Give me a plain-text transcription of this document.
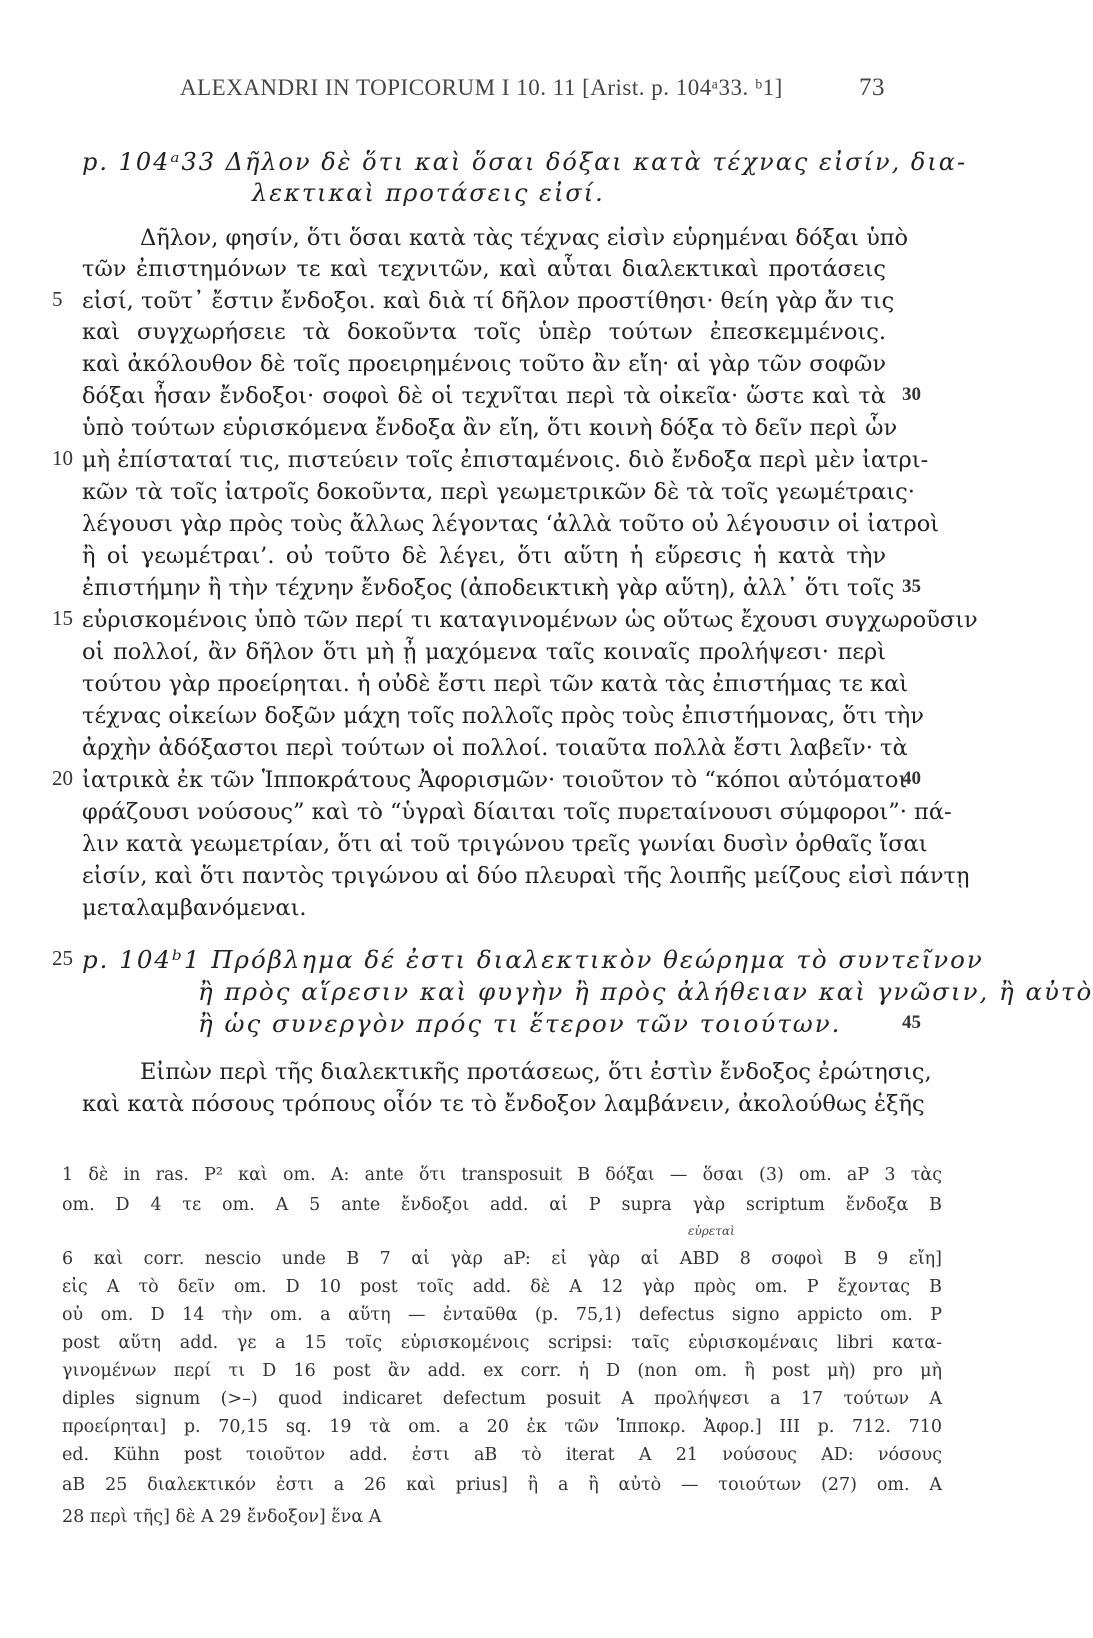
ALEXANDRI IN TOPICORUM I 10. 11 [Arist. p. 104ᵃ33. ᵇ1]	73
p. 104ᵃ33 Δῆλον δὲ ὅτι καὶ ὅσαι δόξαι κατὰ τέχνας εἰσίν, δια-
λεκτικαὶ προτάσεις εἰσί.
Δῆλον, φησίν, ὅτι ὅσαι κατὰ τὰς τέχνας εἰσὶν εὑρημέναι δόξαι ὑπὸ
τῶν ἐπιστημόνων τε καὶ τεχνιτῶν, καὶ αὗται διαλεκτικαὶ προτάσεις
5 εἰσί, τοῦτ᾿ ἔστιν ἔνδοξοι. καὶ διὰ τί δῆλον προστίθησι· θείη γὰρ ἄν τις
καὶ συγχωρήσειε τὰ δοκοῦντα τοῖς ὑπὲρ τούτων ἐπεσκεμμένοις.
καὶ ἀκόλουθον δὲ τοῖς προειρημένοις τοῦτο ἂν εἴη· αἱ γὰρ τῶν σοφῶν
δόξαι ἦσαν ἔνδοξοι· σοφοὶ δὲ οἱ τεχνῖται περὶ τὰ οἰκεῖα· ὥστε καὶ τὰ 30
ὑπὸ τούτων εὑρισκόμενα ἔνδοξα ἂν εἴη, ὅτι κοινὴ δόξα τὸ δεῖν περὶ ὧν
10 μὴ ἐπίσταταί τις, πιστεύειν τοῖς ἐπισταμένοις. διὸ ἔνδοξα περὶ μὲν ἰατρι-
κῶν τὰ τοῖς ἰατροῖς δοκοῦντα, περὶ γεωμετρικῶν δὲ τὰ τοῖς γεωμέτραις·
λέγουσι γὰρ πρὸς τοὺς ἄλλως λέγοντας ‘ἀλλὰ τοῦτο οὐ λέγουσιν οἱ ἰατροὶ
ἢ οἱ γεωμέτραι’. οὐ τοῦτο δὲ λέγει, ὅτι αὕτη ἡ εὕρεσις ἡ κατὰ τὴν
ἐπιστήμην ἢ τὴν τέχνην ἔνδοξος (ἀποδεικτικὴ γὰρ αὕτη), ἀλλ᾿ ὅτι τοῖς 35
15 εὑρισκομένοις ὑπὸ τῶν περί τι καταγινομένων ὡς οὕτως ἔχουσι συγχωροῦσιν
οἱ πολλοί, ἂν δῆλον ὅτι μὴ ᾖ μαχόμενα ταῖς κοιναῖς προλήψεσι· περὶ
τούτου γὰρ προείρηται. ἡ οὐδὲ ἔστι περὶ τῶν κατὰ τὰς ἐπιστήμας τε καὶ
τέχνας οἰκείων δοξῶν μάχη τοῖς πολλοῖς πρὸς τοὺς ἐπιστήμονας, ὅτι τὴν
ἀρχὴν ἀδόξαστοι περὶ τούτων οἱ πολλοί. τοιαῦτα πολλὰ ἔστι λαβεῖν· τὰ
20 ἰατρικὰ ἐκ τῶν Ἱπποκράτους Ἀφορισμῶν· τοιοῦτον τὸ “κόποι αὐτόματοι
40
φράζουσι νούσους” καὶ τὸ “ὑγραὶ δίαιται τοῖς πυρεταίνουσι σύμφοροι”· πά-
λιν κατὰ γεωμετρίαν, ὅτι αἱ τοῦ τριγώνου τρεῖς γωνίαι δυσὶν ὀρθαῖς ἴσαι
εἰσίν, καὶ ὅτι παντὸς τριγώνου αἱ δύο πλευραὶ τῆς λοιπῆς μείζους εἰσὶ πάντῃ
μεταλαμβανόμεναι.
25 p. 104ᵇ1 Πρόβλημα δέ ἐστι διαλεκτικὸν θεώρημα τὸ συντεῖνον
ἢ πρὸς αἵρεσιν καὶ φυγὴν ἢ πρὸς ἀλήθειαν καὶ γνῶσιν, ἢ αὐτὸ
ἢ ὡς συνεργὸν πρός τι ἕτερον τῶν τοιούτων.	45
Εἰπὼν περὶ τῆς διαλεκτικῆς προτάσεως, ὅτι ἐστὶν ἔνδοξος ἐρώτησις,
καὶ κατὰ πόσους τρόπους οἷόν τε τὸ ἔνδοξον λαμβάνειν, ἀκολούθως ἑξῆς
1 δὲ in ras. P² καὶ om. A: ante ὅτι transposuit B δόξαι — ὅσαι (3) om. aP 3 τὰς
om. D 4 τε om. A 5 ante ἔνδοξοι add. αἱ P supra γὰρ scriptum ἔνδοξα B
6 καὶ corr. nescio unde B 7 αἱ γὰρ aP: εἰ γὰρ αἱ ABD 8 σοφοὶ B 9 εἴη]
εἰς A τὸ δεῖν om. D 10 post τοῖς add. δὲ A 12 γὰρ πρὸς om. P ἔχοντας B
οὐ om. D 14 τὴν om. a αὕτη — ἐνταῦθα (p. 75,1) defectus signo appicto om. P
post αὕτη add. γε a 15 τοῖς εὑρισκομένοις scripsi: ταῖς εὑρισκομέναις libri κατα-
γινομένων περί τι D 16 post ἂν add. ex corr. ἡ D (non om. ἢ post μὴ) pro μὴ
diples signum (>–) quod indicaret defectum posuit A προλήψεσι a 17 τούτων A
προείρηται] p. 70,15 sq. 19 τὰ om. a 20 ἐκ τῶν Ἱπποκρ. Ἀφορ.] III p. 712. 710
ed. Kühn post τοιοῦτον add. ἐστι aB τὸ iterat A 21 νούσους AD: νόσους
aB 25 διαλεκτικόν ἐστι a 26 καὶ prius] ἢ a ἢ αὐτὸ — τοιούτων (27) om. A
28 περὶ τῆς] δὲ A 29 ἔνδοξον] ἕνα A
εὑρεταὶ
